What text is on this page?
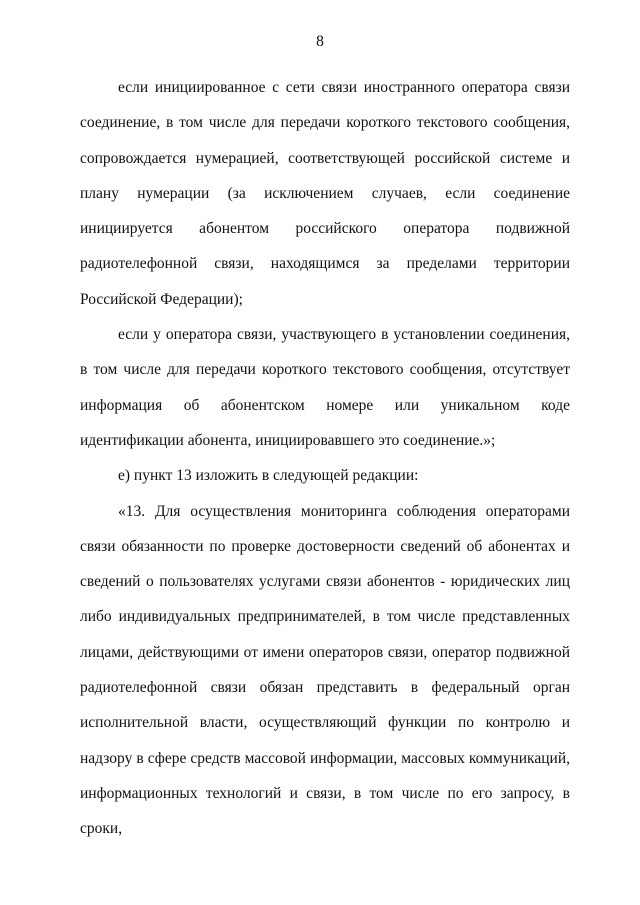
8

если инициированное с сети связи иностранного оператора связи соединение, в том числе для передачи короткого текстового сообщения, сопровождается нумерацией, соответствующей российской системе и плану нумерации (за исключением случаев, если соединение инициируется абонентом российского оператора подвижной радиотелефонной связи, находящимся за пределами территории Российской Федерации);

если у оператора связи, участвующего в установлении соединения, в том числе для передачи короткого текстового сообщения, отсутствует информация об абонентском номере или уникальном коде идентификации абонента, инициировавшего это соединение.»;

е) пункт 13 изложить в следующей редакции:

«13. Для осуществления мониторинга соблюдения операторами связи обязанности по проверке достоверности сведений об абонентах и сведений о пользователях услугами связи абонентов - юридических лиц либо индивидуальных предпринимателей, в том числе представленных лицами, действующими от имени операторов связи, оператор подвижной радиотелефонной связи обязан представить в федеральный орган исполнительной власти, осуществляющий функции по контролю и надзору в сфере средств массовой информации, массовых коммуникаций, информационных технологий и связи, в том числе по его запросу, в сроки,
